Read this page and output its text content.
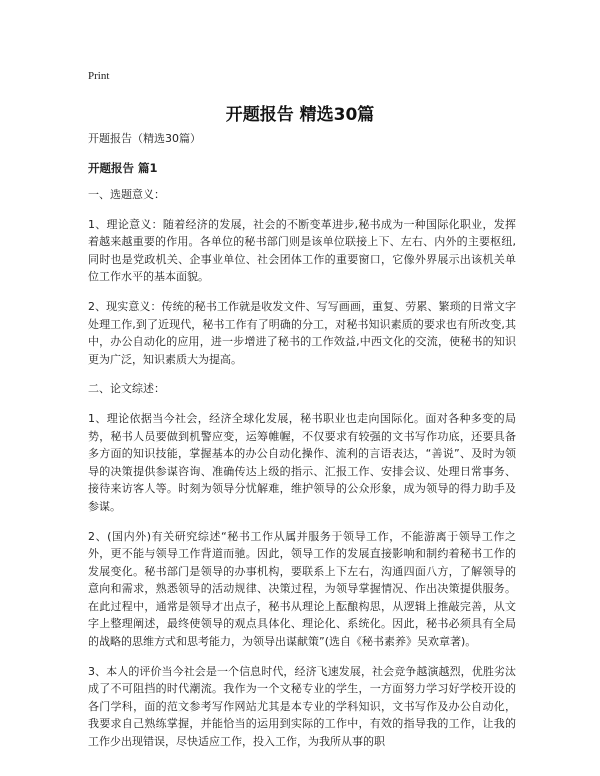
Print
开题报告 精选30篇

开题报告（精选30篇）

开题报告 篇1

一、选题意义：

1、理论意义：随着经济的发展，社会的不断变革进步,秘书成为一种国际化职业，发挥着越来越重要的作用。各单位的秘书部门则是该单位联接上下、左右、内外的主要枢纽,同时也是党政机关、企事业单位、社会团体工作的重要窗口，它像外界展示出该机关单位工作水平的基本面貌。

2、现实意义：传统的秘书工作就是收发文件、写写画画，重复、劳累、繁琐的日常文字处理工作,到了近现代，秘书工作有了明确的分工，对秘书知识素质的要求也有所改变,其中，办公自动化的应用，进一步增进了秘书的工作效益,中西文化的交流，使秘书的知识更为广泛，知识素质大为提高。

二、论文综述：

1、理论依据当今社会，经济全球化发展，秘书职业也走向国际化。面对各种多变的局势，秘书人员要做到机警应变，运筹帷幄，不仅要求有较强的文书写作功底，还要具备多方面的知识技能，掌握基本的办公自动化操作、流利的言语表达，“善说”、及时为领导的决策提供参谋咨询、准确传达上级的指示、汇报工作、安排会议、处理日常事务、接待来访客人等。时刻为领导分忧解难，维护领导的公众形象，成为领导的得力助手及参谋。

2、(国内外)有关研究综述“秘书工作从属并服务于领导工作，不能游离于领导工作之外，更不能与领导工作背道而驰。因此，领导工作的发展直接影响和制约着秘书工作的发展变化。秘书部门是领导的办事机构，要联系上下左右，沟通四面八方，了解领导的意向和需求，熟悉领导的活动规律、决策过程，为领导掌握情况、作出决策提供服务。在此过程中，通常是领导才出点子，秘书从理论上酝酿构思，从逻辑上推敲完善，从文字上整理阐述，最终使领导的观点具体化、理论化、系统化。因此，秘书必须具有全局的战略的思维方式和思考能力，为领导出谋献策”(选自《秘书素养》吴欢章著)。

3、本人的评价当今社会是一个信息时代，经济飞速发展，社会竞争越演越烈，优胜劣汰成了不可阻挡的时代潮流。我作为一个文秘专业的学生，一方面努力学习好学校开设的各门学科，面的范文参考写作网站尤其是本专业的学科知识，文书写作及办公自动化，我要求自己熟练掌握，并能恰当的运用到实际的工作中，有效的指导我的工作，让我的工作少出现错误，尽快适应工作，投入工作，为我所从事的职
